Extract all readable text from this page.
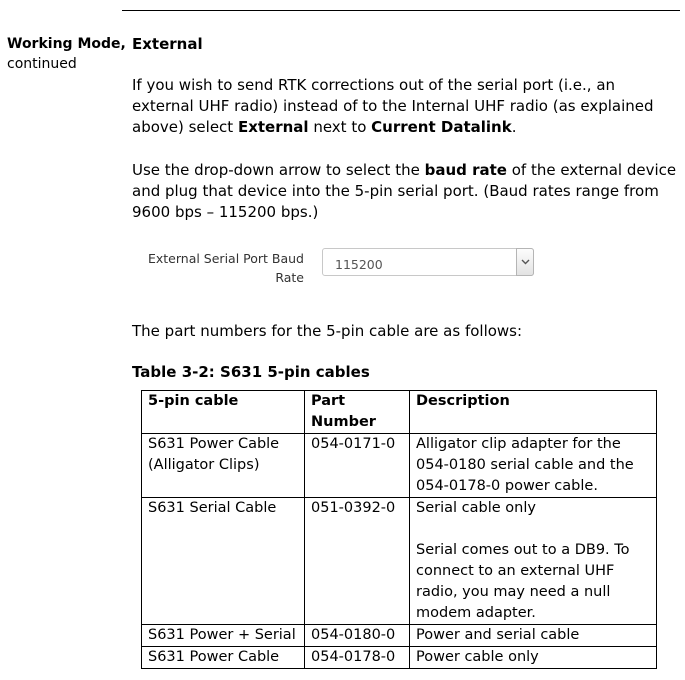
Working Mode,
continued
External

If you wish to send RTK corrections out of the serial port (i.e., an external UHF radio) instead of to the Internal UHF radio (as explained above) select External next to Current Datalink.

Use the drop-down arrow to select the baud rate of the external device and plug that device into the 5-pin serial port. (Baud rates range from 9600 bps – 115200 bps.)

External Serial Port Baud
Rate
115200

The part numbers for the 5-pin cable are as follows:

Table 3-2: S631 5-pin cables
5-pin cable	Part Number	Description
S631 Power Cable (Alligator Clips)	054-0171-0	Alligator clip adapter for the 054-0180 serial cable and the 054-0178-0 power cable.
S631 Serial Cable	051-0392-0	Serial cable only
Serial comes out to a DB9. To connect to an external UHF radio, you may need a null modem adapter.
S631 Power + Serial	054-0180-0	Power and serial cable
S631 Power Cable	054-0178-0	Power cable only
